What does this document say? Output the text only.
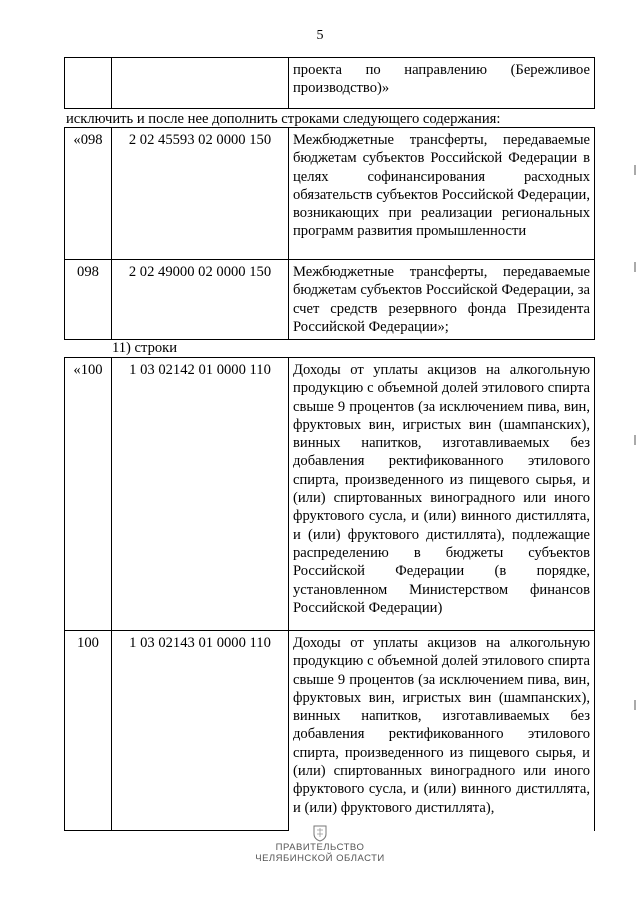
5

проекта по направлению (Бережливое производство)»
исключить и после нее дополнить строками следующего содержания:
«098	2 02 45593 02 0000 150	Межбюджетные трансферты, передаваемые бюджетам субъектов Российской Федерации в целях софинансирования расходных обязательств субъектов Российской Федерации, возникающих при реализации региональных программ развития промышленности

098	2 02 49000 02 0000 150	Межбюджетные трансферты, передаваемые бюджетам субъектов Российской Федерации, за счет средств резервного фонда Президента Российской Федерации»;
11) строки
«100	1 03 02142 01 0000 110	Доходы от уплаты акцизов на алкогольную продукцию с объемной долей этилового спирта свыше 9 процентов (за исключением пива, вин, фруктовых вин, игристых вин (шампанских), винных напитков, изготавливаемых без добавления ректификованного этилового спирта, произведенного из пищевого сырья, и (или) спиртованных виноградного или иного фруктового сусла, и (или) винного дистиллята, и (или) фруктового дистиллята), подлежащие распределению в бюджеты субъектов Российской Федерации (в порядке, установленном Министерством финансов Российской Федерации)

100	1 03 02143 01 0000 110	Доходы от уплаты акцизов на алкогольную продукцию с объемной долей этилового спирта свыше 9 процентов (за исключением пива, вин, фруктовых вин, игристых вин (шампанских), винных напитков, изготавливаемых без добавления ректификованного этилового спирта, произведенного из пищевого сырья, и (или) спиртованных виноградного или иного фруктового сусла, и (или) винного дистиллята, и (или) фруктового дистиллята),
ПРАВИТЕЛЬСТВО
ЧЕЛЯБИНСКОЙ ОБЛАСТИ
